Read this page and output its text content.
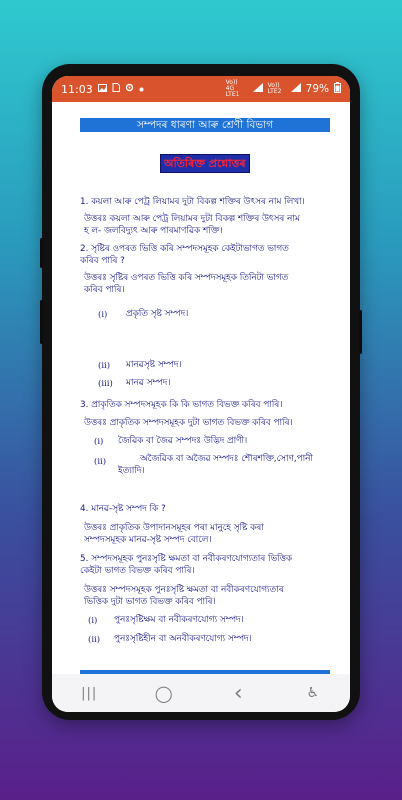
11:03	Vo)) 4G LTE1
Vo)) LTE2	79%
সম্পদৰ ধাৰণা আৰু শ্ৰেণী বিভাগ
অতিৰিক্ত প্ৰশ্নোত্তৰ
1. কয়লা আৰু পেট্ৰ লিয়ামৰ দুটা বিকল্প শক্তিৰ উৎসৰ নাম লিখা।
উত্তৰঃ কয়লা আৰু পেট্ৰ লিয়ামৰ দুটা বিকল্প শক্তিৰ উৎসৰ নাম
হ ল- জলবিদ্যুৎ আৰু পাৰমাণৱিক শক্তি।
2. সৃষ্টিৰ ওপৰত ভিত্তি কৰি সম্পদসমূহক কেইটাভাগত ভাগত
কৰিব পাৰি ?
উত্তৰঃ সৃষ্টিৰ ওপৰত ভিত্তি কৰি সম্পদসমূহক তিনিটা ভাগত
কৰিব পাৰি।
(i) প্ৰকৃতি সৃষ্ট সম্পদ।
(ii) মানৱসৃষ্ট সম্পদ।
(iii) মানৱ সম্পদ।
3. প্ৰাকৃতিক সম্পদসমূহক কি কি ভাগত বিভক্ত কৰিব পাৰি।
উত্তৰঃ প্ৰাকৃতিক সম্পদসমূহক দুটা ভাগত বিভক্ত কৰিব পাৰি।
(i) জৈৱিক বা জৈৱ সম্পদঃ উদ্ভিদ প্ৰাণী।
(ii)	অজৈৱিক বা অজৈৱ সম্পদঃ শৌৰশক্তি,সোণ,পানী
ইত্যাদি।
4. মানৱ-সৃষ্ট সম্পদ কি ?
উত্তৰঃ প্ৰাকৃতিক উপাদানসমূহৰ পৰা মানুহে সৃষ্টি কৰা
সম্পদসমূহক মানৱ-সৃষ্ট সম্পদ বোলে।
5. সম্পদসমূহক পুনঃসৃষ্টি ক্ষমতা বা নবীকৰণযোগ্যতাৰ ভিত্তিক
কেইটা ভাগত বিভক্ত কৰিব পাৰি।
উত্তৰঃ সম্পদসমূহক পুনঃসৃষ্টি ক্ষমতা বা নবীকৰণযোগ্যতাৰ
ভিত্তিক দুটা ভাগত বিভক্ত কৰিব পাৰি।
(i) পুনঃসৃষ্টিক্ষম বা নবীকৰণযোগ্য সম্পদ।
(ii) পুনঃসৃষ্টিহীন বা অনবীকৰণযোগ্য সম্পদ।
|||	◯	‹	♿
